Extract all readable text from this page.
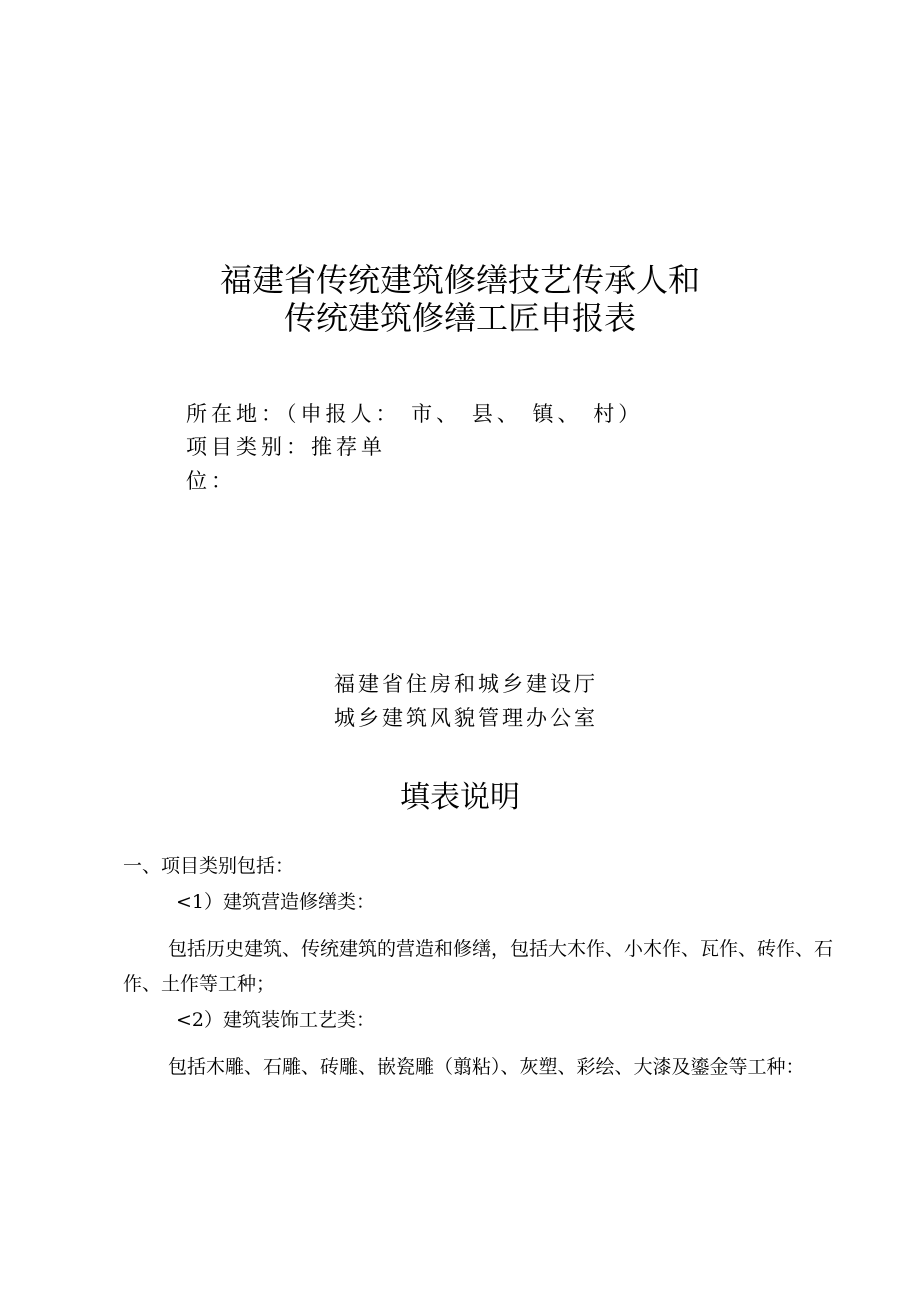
福建省传统建筑修缮技艺传承人和
传统建筑修缮工匠申报表
所在地：（申报人： 市、 县、 镇、 村）
项目类别：推荐单
位：
福建省住房和城乡建设厅
城乡建筑风貌管理办公室
填表说明
一、项目类别包括：
<1）建筑营造修缮类：
包括历史建筑、传统建筑的营造和修缮，包括大木作、小木作、瓦作、砖作、石
作、土作等工种；
<2）建筑装饰工艺类：
包括木雕、石雕、砖雕、嵌瓷雕（翦粘）、灰塑、彩绘、大漆及鎏金等工种：
